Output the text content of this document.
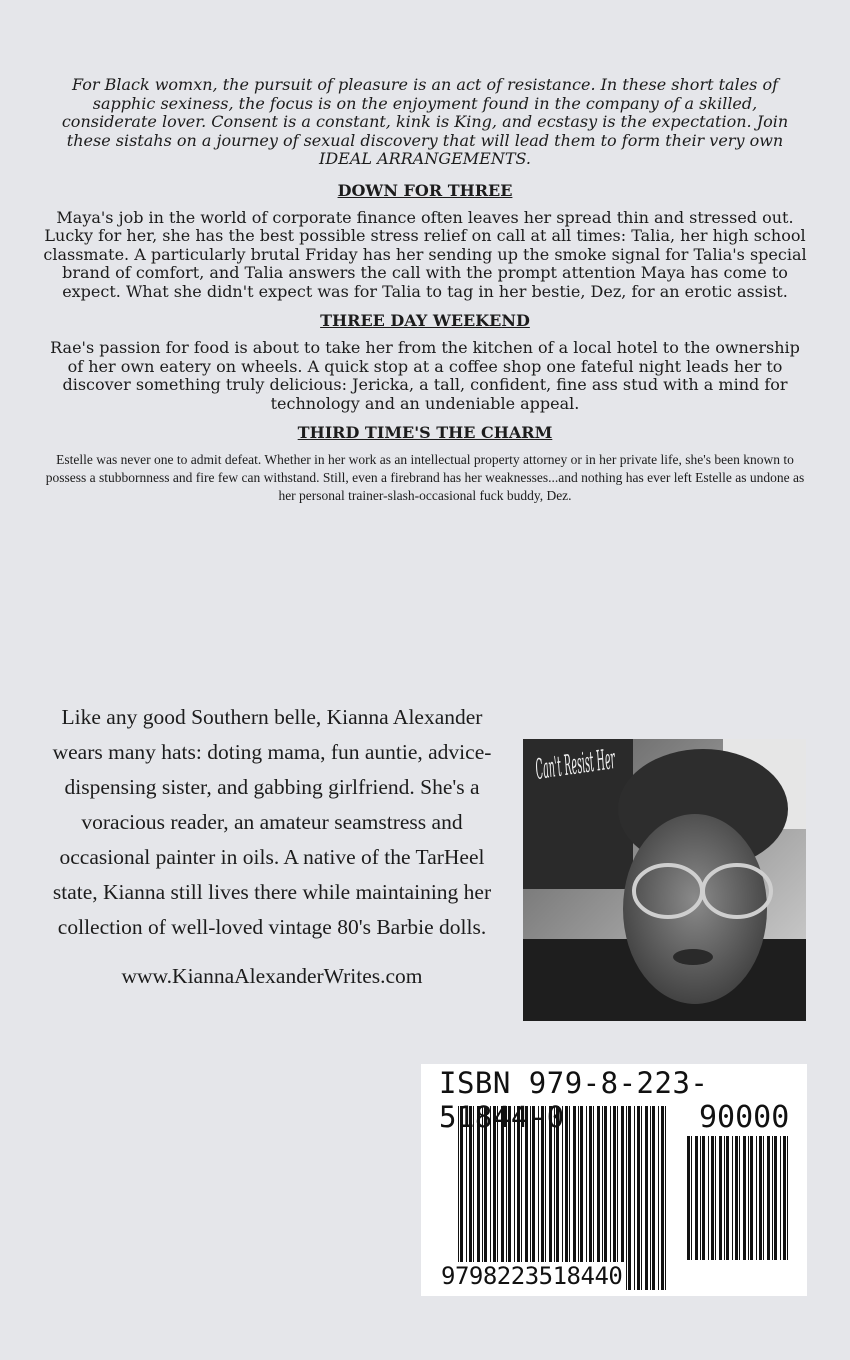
For Black womxn, the pursuit of pleasure is an act of resistance. In these short tales of sapphic sexiness, the focus is on the enjoyment found in the company of a skilled, considerate lover. Consent is a constant, kink is King, and ecstasy is the expectation. Join these sistahs on a journey of sexual discovery that will lead them to form their very own IDEAL ARRANGEMENTS.

DOWN FOR THREE

Maya's job in the world of corporate finance often leaves her spread thin and stressed out. Lucky for her, she has the best possible stress relief on call at all times: Talia, her high school classmate. A particularly brutal Friday has her sending up the smoke signal for Talia's special brand of comfort, and Talia answers the call with the prompt attention Maya has come to expect. What she didn't expect was for Talia to tag in her bestie, Dez, for an erotic assist.

THREE DAY WEEKEND

Rae's passion for food is about to take her from the kitchen of a local hotel to the ownership of her own eatery on wheels. A quick stop at a coffee shop one fateful night leads her to discover something truly delicious: Jericka, a tall, confident, fine ass stud with a mind for technology and an undeniable appeal.

THIRD TIME'S THE CHARM

Estelle was never one to admit defeat. Whether in her work as an intellectual property attorney or in her private life, she's been known to possess a stubbornness and fire few can withstand. Still, even a firebrand has her weaknesses...and nothing has ever left Estelle as undone as her personal trainer-slash-occasional fuck buddy, Dez.

Like any good Southern belle, Kianna Alexander wears many hats: doting mama, fun auntie, advice-dispensing sister, and gabbing girlfriend. She's a voracious reader, an amateur seamstress and occasional painter in oils. A native of the TarHeel state, Kianna still lives there while maintaining her collection of well-loved vintage 80's Barbie dolls.

www.KiannaAlexanderWrites.com

ISBN 979-8-223-51844-0	90000
9798223518440
